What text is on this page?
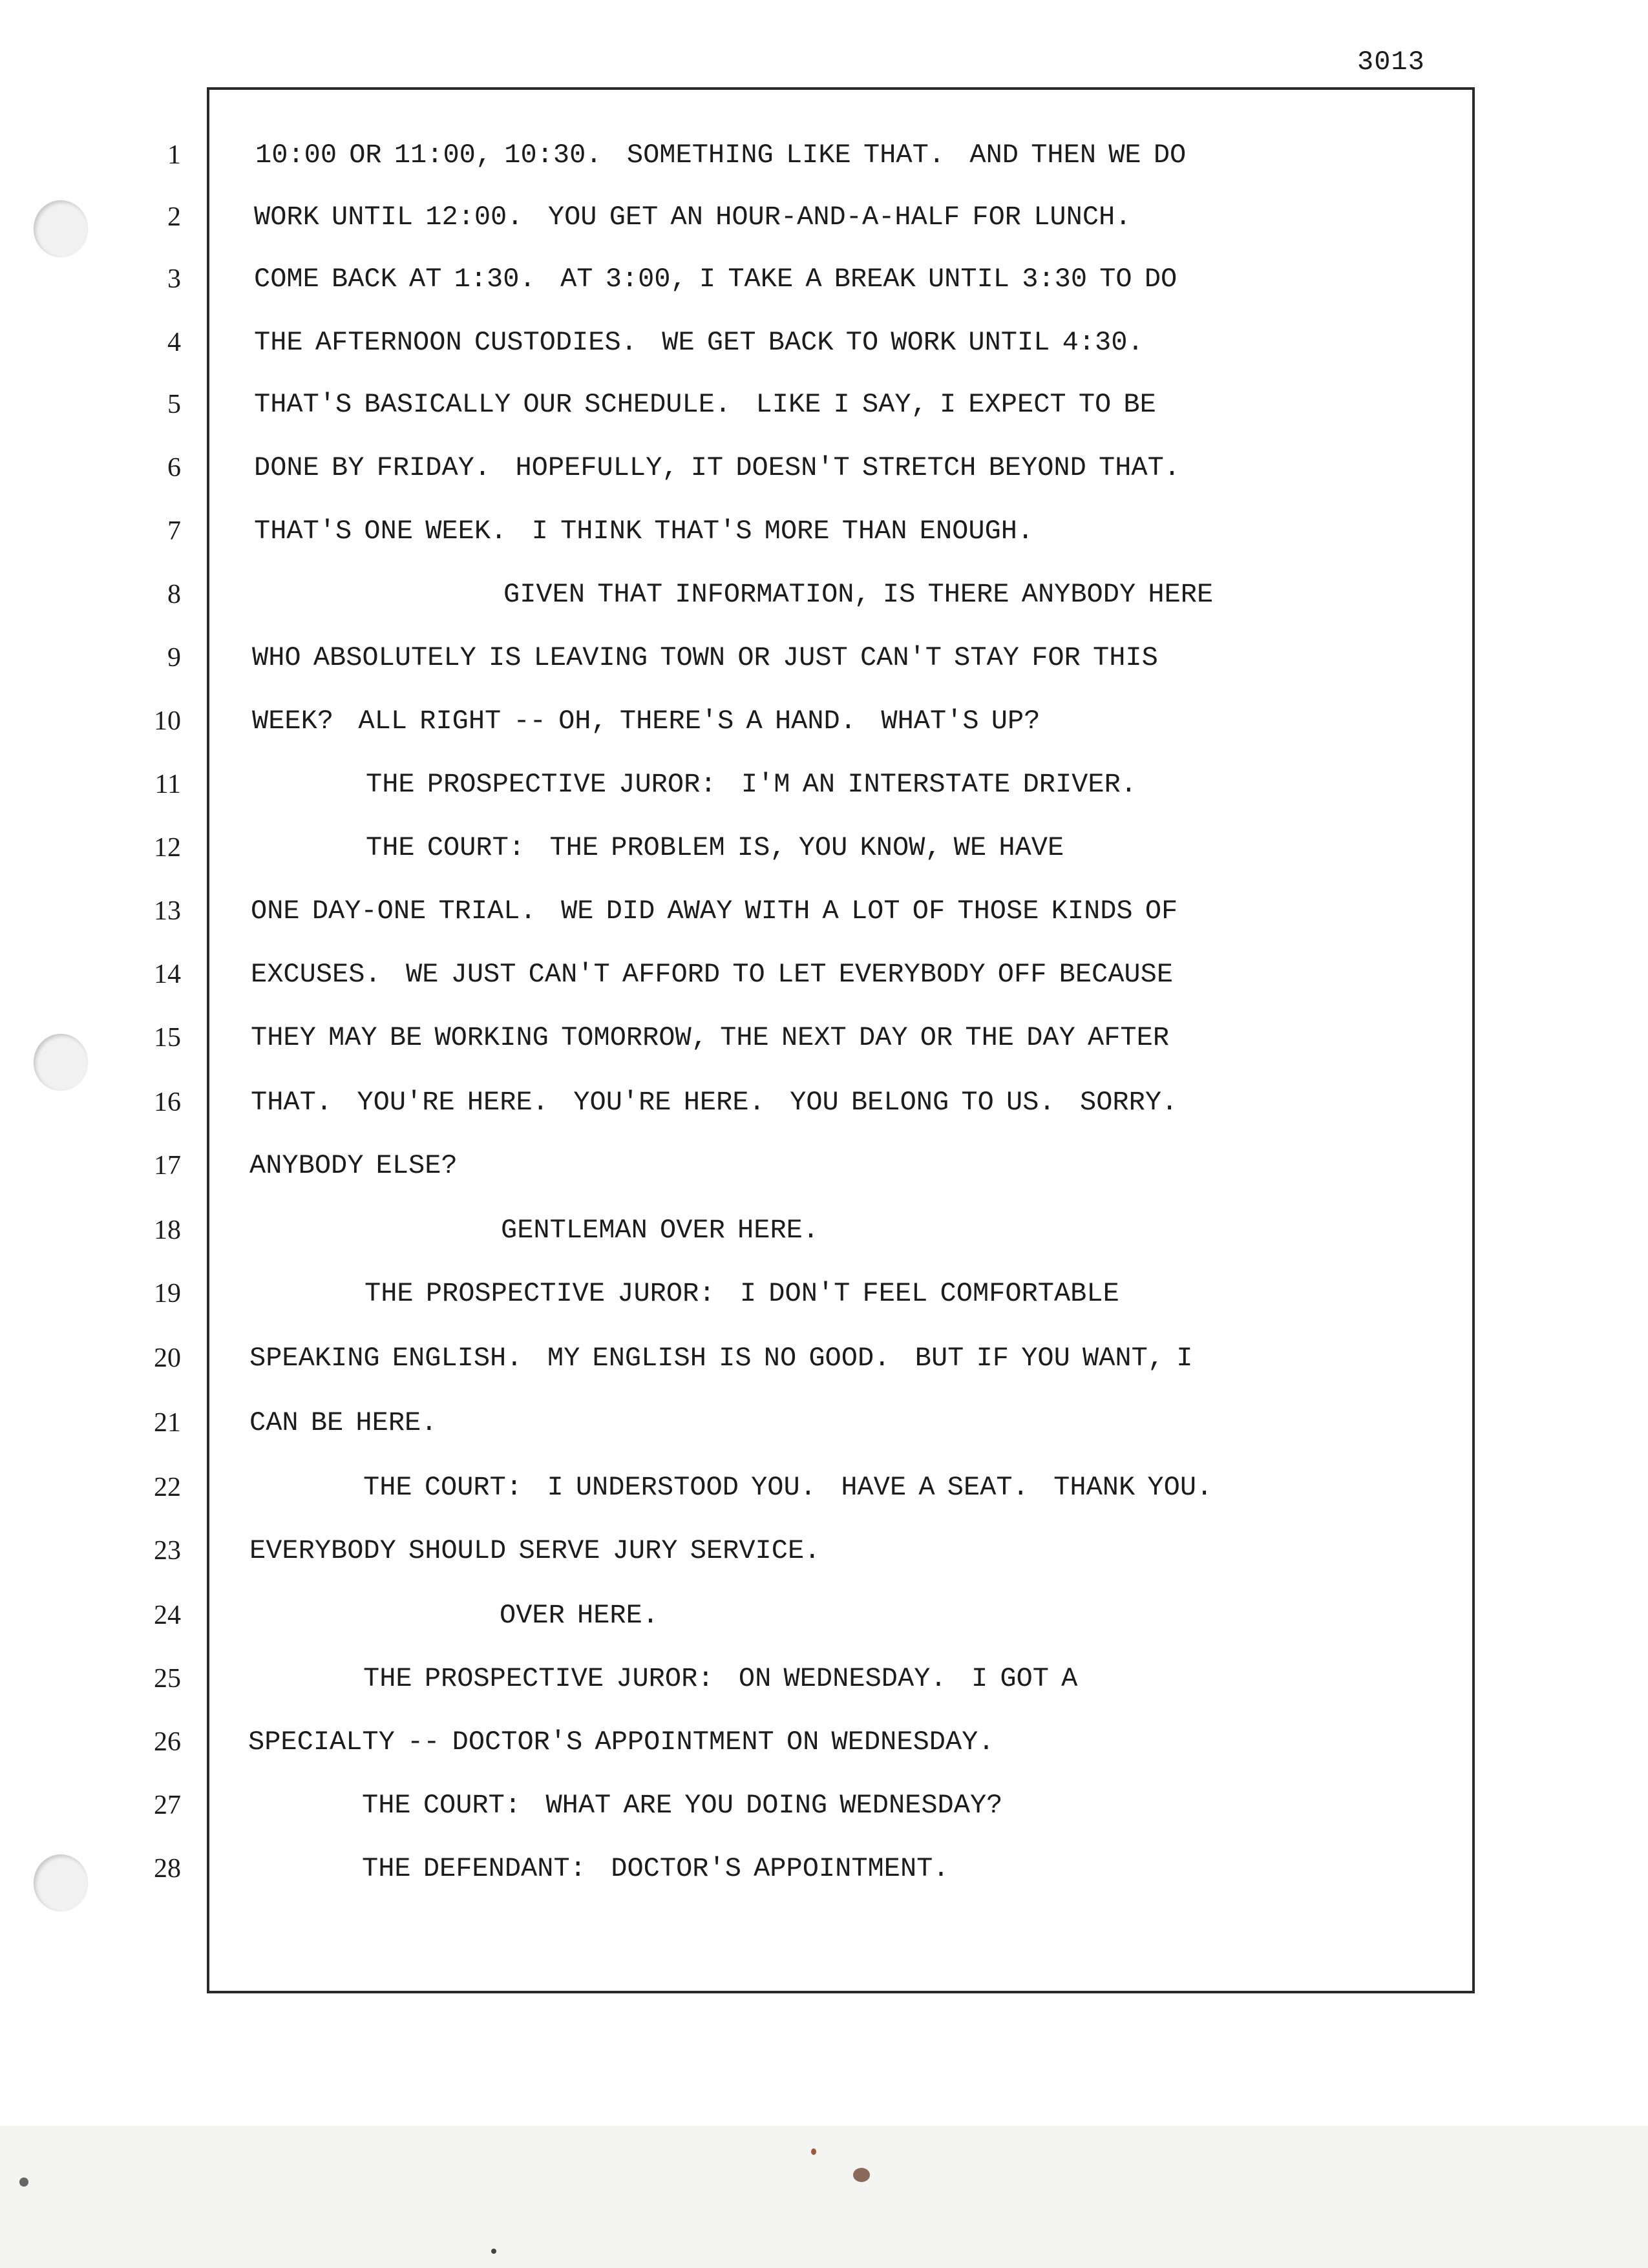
3013
1
2
3
4
5
6
7
8
9
10
11
12
13
14
15
16
17
18
19
20
21
22
23
24
25
26
27
28
10:00 OR 11:00, 10:30.  SOMETHING LIKE THAT.  AND THEN WE DO
WORK UNTIL 12:00.  YOU GET AN HOUR-AND-A-HALF FOR LUNCH.
COME BACK AT 1:30.  AT 3:00, I TAKE A BREAK UNTIL 3:30 TO DO
THE AFTERNOON CUSTODIES.  WE GET BACK TO WORK UNTIL 4:30.
THAT'S BASICALLY OUR SCHEDULE.  LIKE I SAY, I EXPECT TO BE
DONE BY FRIDAY.  HOPEFULLY, IT DOESN'T STRETCH BEYOND THAT.
THAT'S ONE WEEK.  I THINK THAT'S MORE THAN ENOUGH.
GIVEN THAT INFORMATION, IS THERE ANYBODY HERE
WHO ABSOLUTELY IS LEAVING TOWN OR JUST CAN'T STAY FOR THIS
WEEK?  ALL RIGHT -- OH, THERE'S A HAND.  WHAT'S UP?
THE PROSPECTIVE JUROR:  I'M AN INTERSTATE DRIVER.
THE COURT:  THE PROBLEM IS, YOU KNOW, WE HAVE
ONE DAY-ONE TRIAL.  WE DID AWAY WITH A LOT OF THOSE KINDS OF
EXCUSES.  WE JUST CAN'T AFFORD TO LET EVERYBODY OFF BECAUSE
THEY MAY BE WORKING TOMORROW, THE NEXT DAY OR THE DAY AFTER
THAT.  YOU'RE HERE.  YOU'RE HERE.  YOU BELONG TO US.  SORRY.
ANYBODY ELSE?
GENTLEMAN OVER HERE.
THE PROSPECTIVE JUROR:  I DON'T FEEL COMFORTABLE
SPEAKING ENGLISH.  MY ENGLISH IS NO GOOD.  BUT IF YOU WANT, I
CAN BE HERE.
THE COURT:  I UNDERSTOOD YOU.  HAVE A SEAT.  THANK YOU.
EVERYBODY SHOULD SERVE JURY SERVICE.
OVER HERE.
THE PROSPECTIVE JUROR:  ON WEDNESDAY.  I GOT A
SPECIALTY -- DOCTOR'S APPOINTMENT ON WEDNESDAY.
THE COURT:  WHAT ARE YOU DOING WEDNESDAY?
THE DEFENDANT:  DOCTOR'S APPOINTMENT.
